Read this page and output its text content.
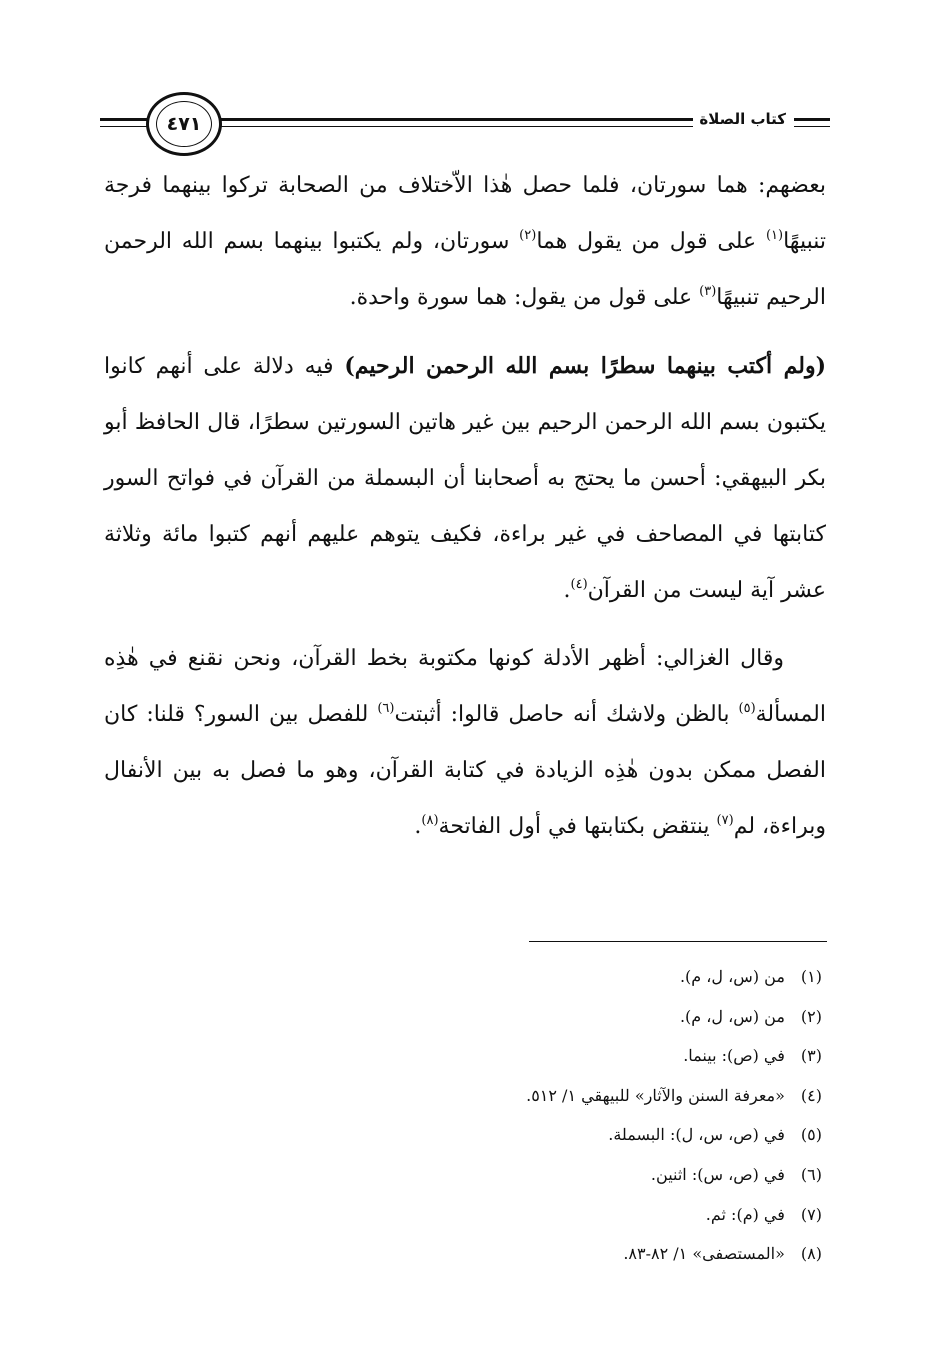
٤٧١	كتاب الصلاة

بعضهم: هما سورتان، فلما حصل هٰذا الاّختلاف من الصحابة تركوا بينهما فرجة تنبيهًا$^{(١)}$ على قول من يقول هما$^{(٢)}$ سورتان، ولم يكتبوا بينهما بسم الله الرحمن الرحيم تنبيهًا$^{(٣)}$ على قول من يقول: هما سورة واحدة.

(ولم أكتب بينهما سطرًا بسم الله الرحمن الرحيم) فيه دلالة على أنهم كانوا يكتبون بسم الله الرحمن الرحيم بين غير هاتين السورتين سطرًا، قال الحافظ أبو بكر البيهقي: أحسن ما يحتج به أصحابنا أن البسملة من القرآن في فواتح السور كتابتها في المصاحف في غير براءة، فكيف يتوهم عليهم أنهم كتبوا مائة وثلاثة عشر آية ليست من القرآن$^{(٤)}$.

وقال الغزالي: أظهر الأدلة كونها مكتوبة بخط القرآن، ونحن نقنع في هٰذِه المسألة$^{(٥)}$ بالظن ولاشك أنه حاصل قالوا: أثبتت$^{(٦)}$ للفصل بين السور؟ قلنا: كان الفصل ممكن بدون هٰذِه الزيادة في كتابة القرآن، وهو ما فصل به بين الأنفال وبراءة، لم$^{(٧)}$ ينتقض بكتابتها في أول الفاتحة$^{(٨)}$.

(١) من (س، ل، م).
(٢) من (س، ل، م).
(٣) في (ص): بينما.
(٤) «معرفة السنن والآثار» للبيهقي ١/ ٥١٢.
(٥) في (ص، س، ل): البسملة.
(٦) في (ص، س): اثنين.
(٧) في (م): ثم.
(٨) «المستصفى» ١/ ٨٢-٨٣.
